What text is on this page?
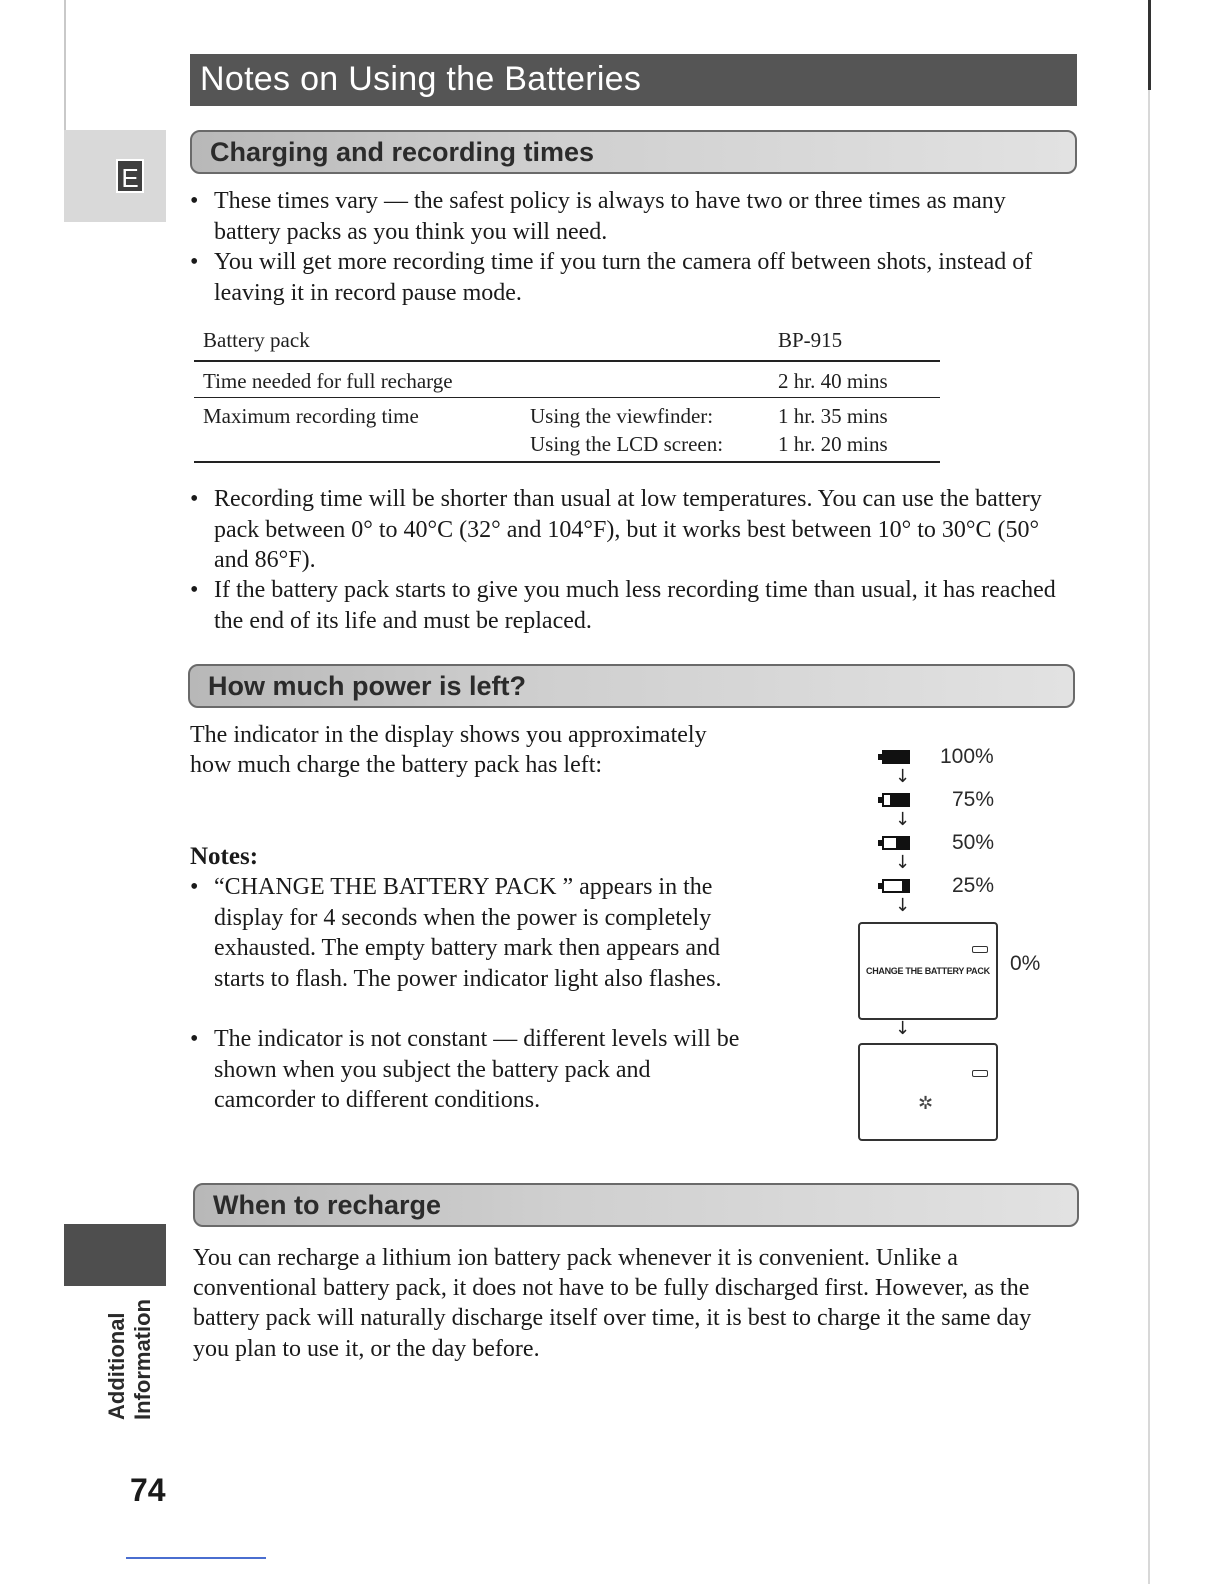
E
Additional Information
74
Notes on Using the Batteries
Charging and recording times
• These times vary — the safest policy is always to have two or three times as many battery packs as you think you will need.
• You will get more recording time if you turn the camera off between shots, instead of leaving it in record pause mode.
Battery pack	BP-915
Time needed for full recharge	2 hr. 40 mins
Maximum recording time	Using the viewfinder:	1 hr. 35 mins
Using the LCD screen:	1 hr. 20 mins
• Recording time will be shorter than usual at low temperatures. You can use the battery pack between 0° to 40°C (32° and 104°F), but it works best between 10° to 30°C (50° and 86°F).
• If the battery pack starts to give you much less recording time than usual, it has reached the end of its life and must be replaced.
How much power is left?
The indicator in the display shows you approximately how much charge the battery pack has left:
Notes:
• “CHANGE THE BATTERY PACK ” appears in the display for 4 seconds when the power is completely exhausted. The empty battery mark then appears and starts to flash. The power indicator light also flashes.
• The indicator is not constant — different levels will be shown when you subject the battery pack and camcorder to different conditions.
100%
↓
75%
↓
50%
↓
25%
↓
CHANGE THE BATTERY PACK 0%
↓
✲
When to recharge
You can recharge a lithium ion battery pack whenever it is convenient. Unlike a conventional battery pack, it does not have to be fully discharged first. However, as the battery pack will naturally discharge itself over time, it is best to charge it the same day you plan to use it, or the day before.
